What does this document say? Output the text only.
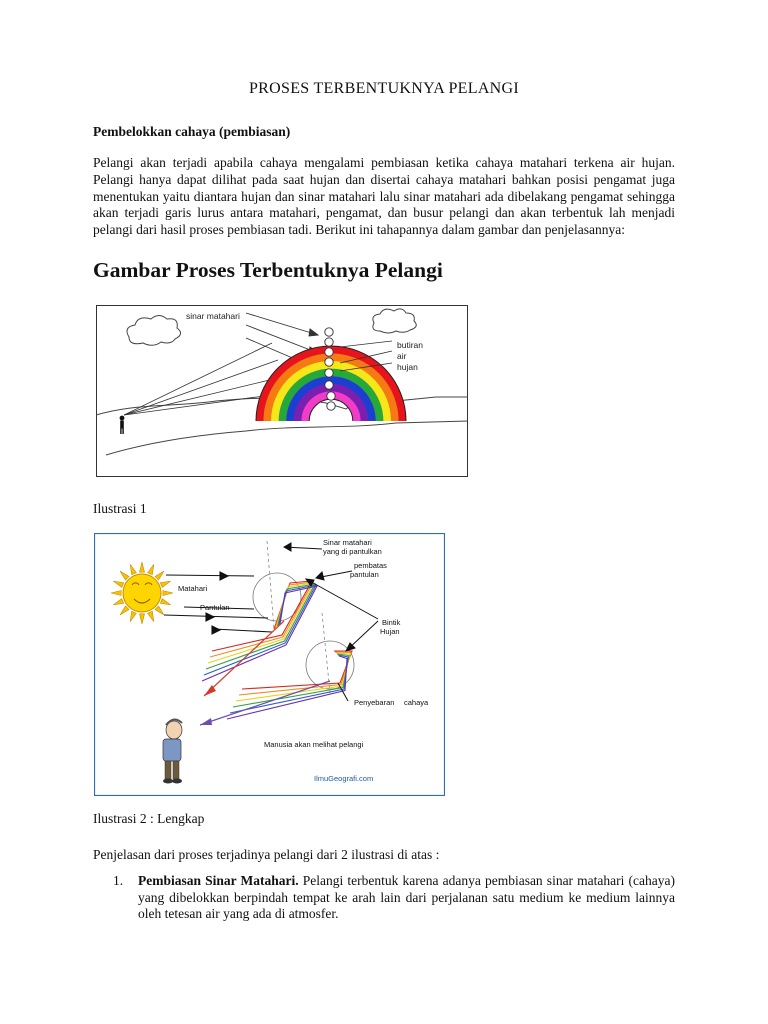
PROSES TERBENTUKNYA PELANGI
Pembelokkan cahaya (pembiasan)
Pelangi akan terjadi apabila cahaya mengalami pembiasan ketika cahaya matahari terkena air hujan. Pelangi hanya dapat dilihat pada saat hujan dan disertai cahaya matahari bahkan posisi pengamat juga menentukan yaitu diantara hujan dan sinar matahari lalu sinar matahari ada dibelakang pengamat sehingga akan terjadi garis lurus antara matahari, pengamat, dan busur pelangi dan akan terbentuk lah menjadi pelangi dari hasil proses pembiasan tadi. Berikut ini tahapannya dalam gambar dan penjelasannya:
Gambar Proses Terbentuknya Pelangi
sinar matahari
butiran
air
hujan
Ilustrasi 1
Sinar matahari
yang di pantulkan
pembatas
pantulan
Matahari
Pantulan
Bintik
Hujan
Penyebaran cahaya
Manusia akan melihat pelangi
IlmuGeografi.com
Ilustrasi 2 : Lengkap
Penjelasan dari proses terjadinya pelangi dari 2 ilustrasi di atas :
1. Pembiasan Sinar Matahari. Pelangi terbentuk karena adanya pembiasan sinar matahari (cahaya) yang dibelokkan berpindah tempat ke arah lain dari perjalanan satu medium ke medium lainnya oleh tetesan air yang ada di atmosfer.
